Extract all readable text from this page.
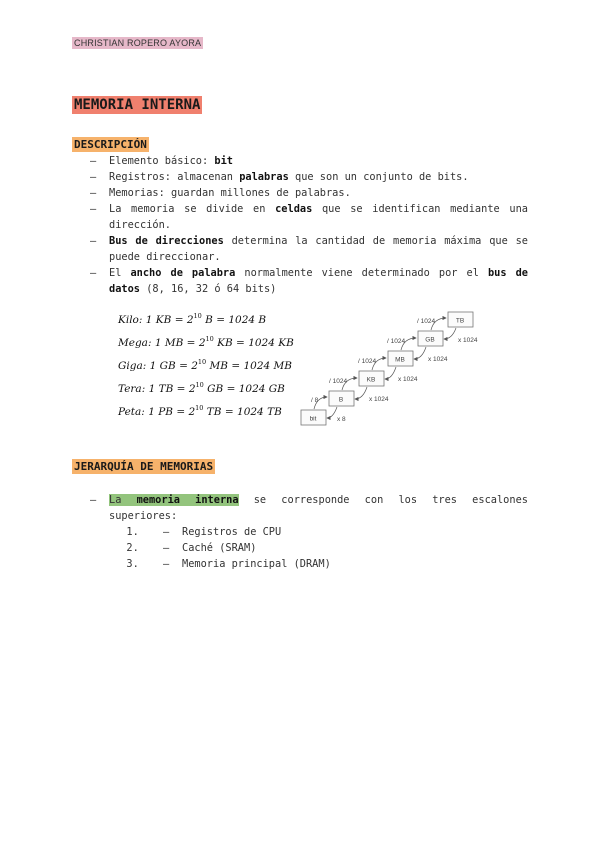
CHRISTIAN ROPERO AYORA
MEMORIA INTERNA
DESCRIPCIÓN
– Elemento básico: bit
– Registros: almacenan palabras que son un conjunto de bits.
– Memorias: guardan millones de palabras.
– La memoria se divide en celdas que se identifican mediante una dirección.
– Bus de direcciones determina la cantidad de memoria máxima que se puede direccionar.
– El ancho de palabra normalmente viene determinado por el bus de datos (8, 16, 32 ó 64 bits)
Kilo: 1 KB = $2^{10}$ B = 1024 B
Mega: 1 MB = $2^{10}$ KB = 1024 KB
Giga: 1 GB = $2^{10}$ MB = 1024 MB
Tera: 1 TB = $2^{10}$ GB = 1024 GB
Peta: 1 PB = $2^{10}$ TB = 1024 TB
TB
GB
MB
KB
B
bit
/ 1024
/ 1024
/ 1024
/ 1024
/ 8
x 1024
x 1024
x 1024
x 1024
x 8
JERARQUÍA DE MEMORIAS
– La memoria interna se corresponde con los tres escalones superiores:
– 1. Registros de CPU
– 2. Caché (SRAM)
– 3. Memoria principal (DRAM)
